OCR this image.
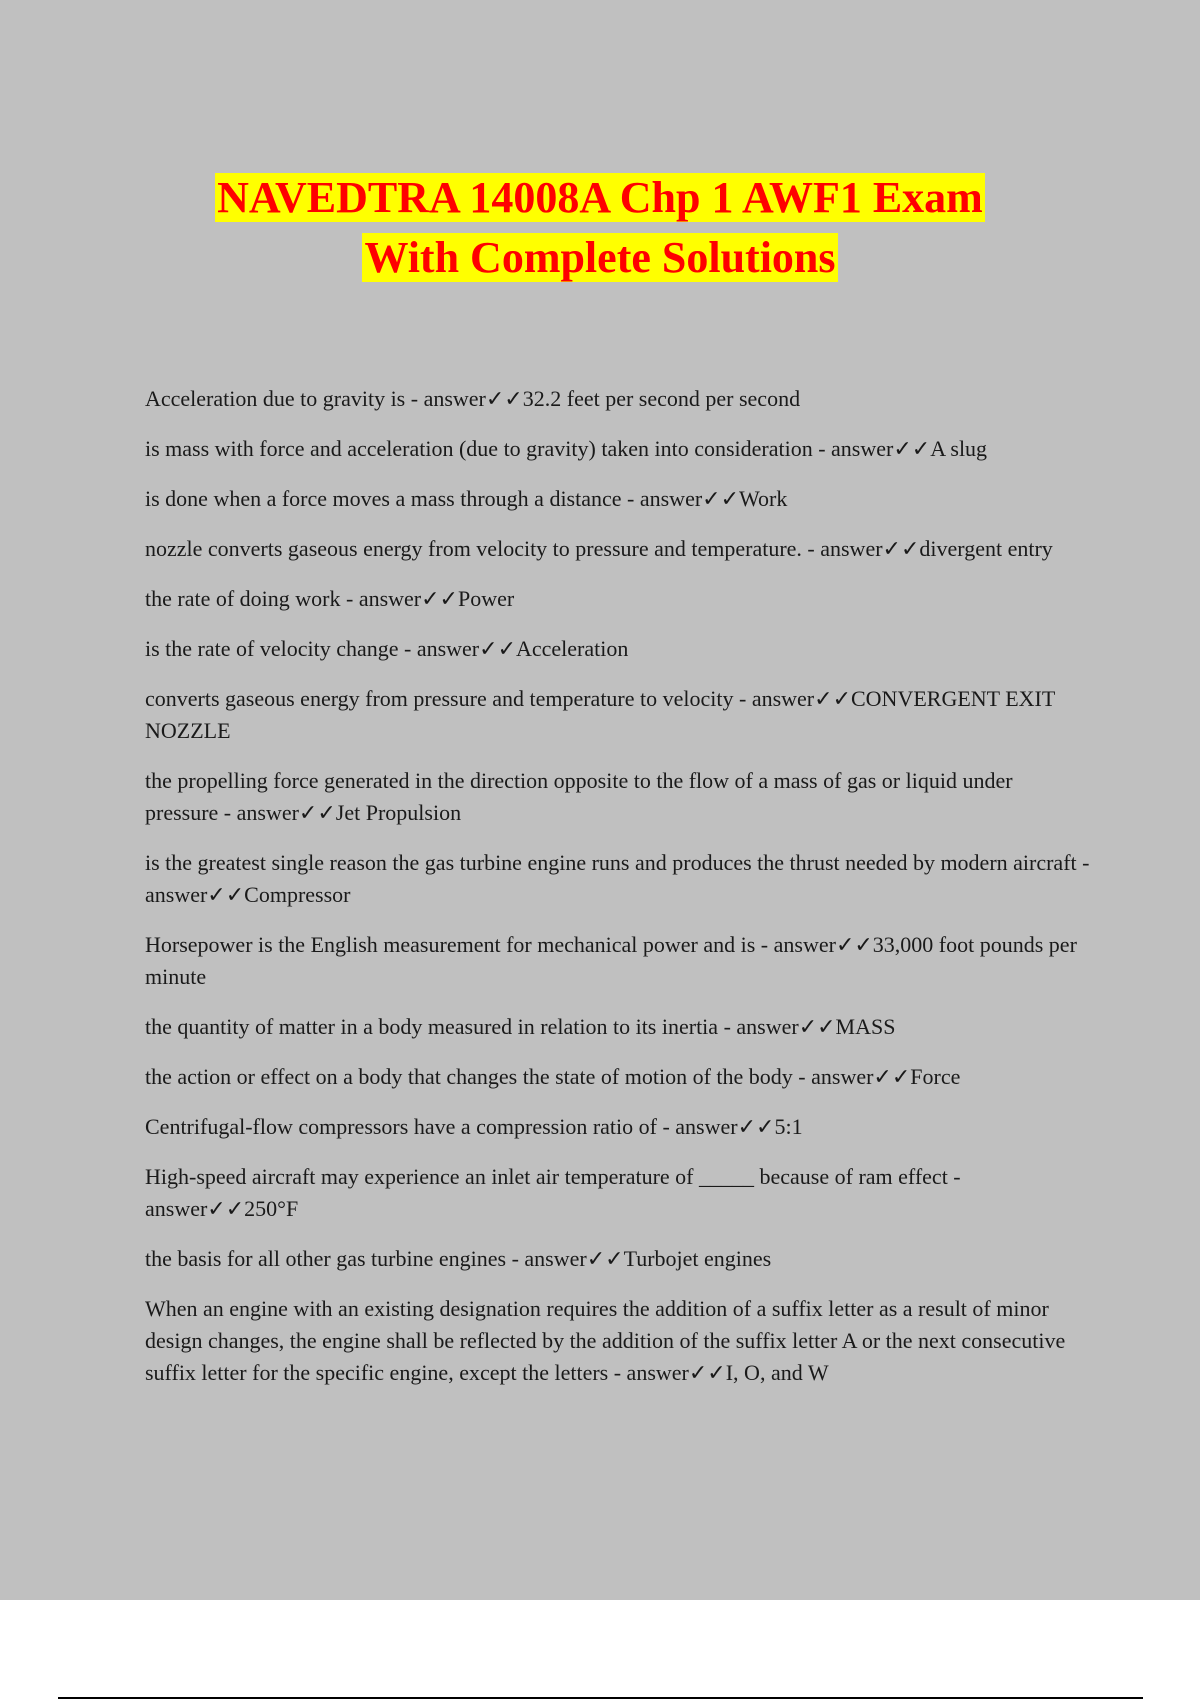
NAVEDTRA 14008A Chp 1 AWF1 Exam
With Complete Solutions
Acceleration due to gravity is - answer✓✓32.2 feet per second per second
is mass with force and acceleration (due to gravity) taken into consideration - answer✓✓A slug
is done when a force moves a mass through a distance - answer✓✓Work
nozzle converts gaseous energy from velocity to pressure and temperature. - answer✓✓divergent entry
the rate of doing work - answer✓✓Power
is the rate of velocity change - answer✓✓Acceleration
converts gaseous energy from pressure and temperature to velocity - answer✓✓CONVERGENT EXIT NOZZLE
the propelling force generated in the direction opposite to the flow of a mass of gas or liquid under pressure - answer✓✓Jet Propulsion
is the greatest single reason the gas turbine engine runs and produces the thrust needed by modern aircraft - answer✓✓Compressor
Horsepower is the English measurement for mechanical power and is - answer✓✓33,000 foot pounds per minute
the quantity of matter in a body measured in relation to its inertia - answer✓✓MASS
the action or effect on a body that changes the state of motion of the body - answer✓✓Force
Centrifugal-flow compressors have a compression ratio of - answer✓✓5:1
High-speed aircraft may experience an inlet air temperature of _____ because of ram effect - answer✓✓250°F
the basis for all other gas turbine engines - answer✓✓Turbojet engines
When an engine with an existing designation requires the addition of a suffix letter as a result of minor design changes, the engine shall be reflected by the addition of the suffix letter A or the next consecutive suffix letter for the specific engine, except the letters - answer✓✓I, O, and W
